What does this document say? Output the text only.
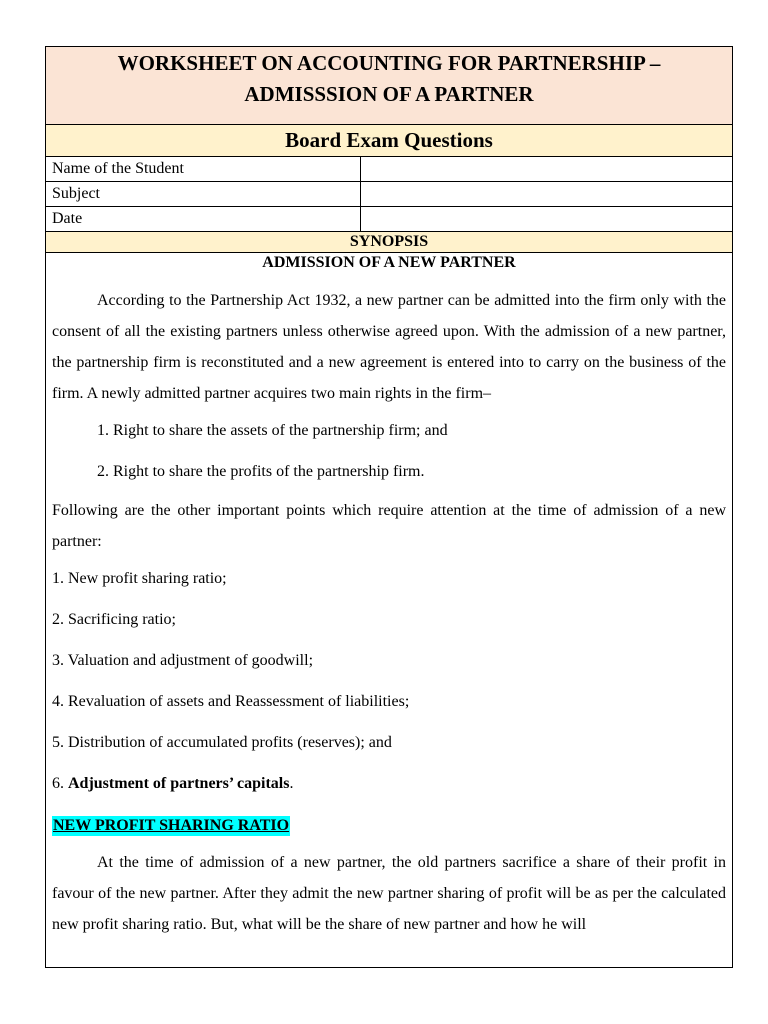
WORKSHEET ON ACCOUNTING FOR PARTNERSHIP –
ADMISSSION OF A PARTNER
Board Exam Questions
Name of the Student
Subject
Date
SYNOPSIS

ADMISSION OF A NEW PARTNER

According to the Partnership Act 1932, a new partner can be admitted into the firm only with the consent of all the existing partners unless otherwise agreed upon. With the admission of a new partner, the partnership firm is reconstituted and a new agreement is entered into to carry on the business of the firm. A newly admitted partner acquires two main rights in the firm–

1. Right to share the assets of the partnership firm; and

2. Right to share the profits of the partnership firm.

Following are the other important points which require attention at the time of admission of a new partner:

1. New profit sharing ratio;

2. Sacrificing ratio;

3. Valuation and adjustment of goodwill;

4. Revaluation of assets and Reassessment of liabilities;

5. Distribution of accumulated profits (reserves); and

6. Adjustment of partners’ capitals.

NEW PROFIT SHARING RATIO

At the time of admission of a new partner, the old partners sacrifice a share of their profit in favour of the new partner. After they admit the new partner sharing of profit will be as per the calculated new profit sharing ratio. But, what will be the share of new partner and how he will
